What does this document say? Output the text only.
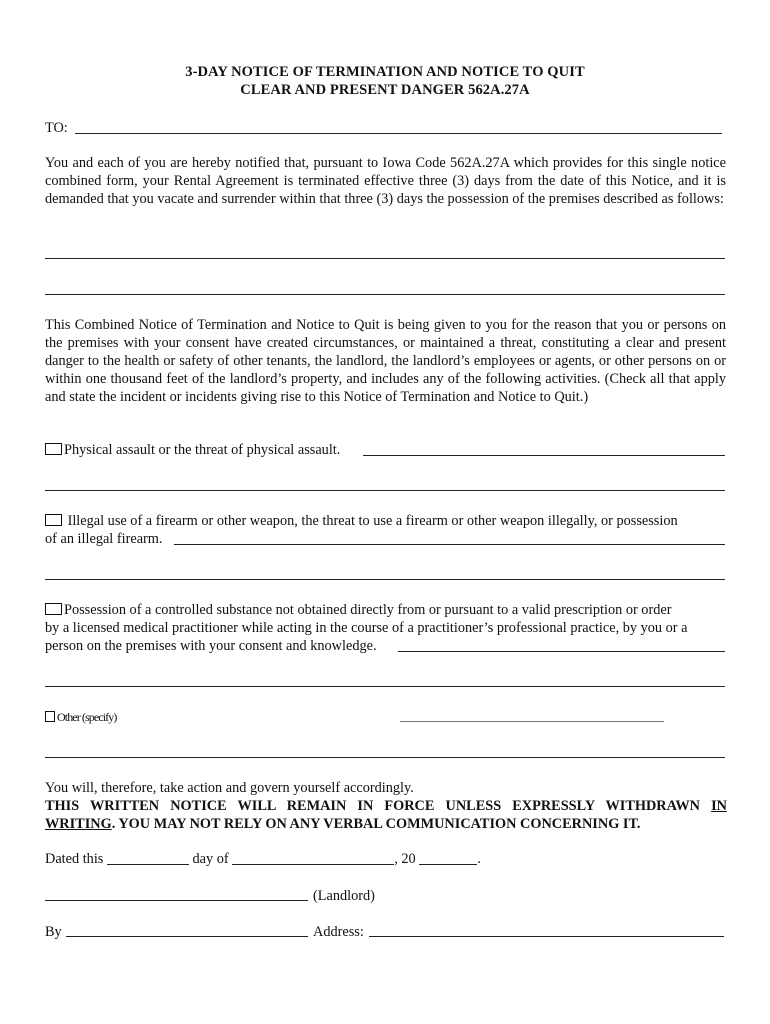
3-DAY NOTICE OF TERMINATION AND NOTICE TO QUIT
CLEAR AND PRESENT DANGER 562A.27A
TO:
You and each of you are hereby notified that, pursuant to Iowa Code 562A.27A which provides for this single notice combined form, your Rental Agreement is terminated effective three (3) days from the date of this Notice, and it is demanded that you vacate and surrender within that three (3) days the possession of the premises described as follows:
This Combined Notice of Termination and Notice to Quit is being given to you for the reason that you or persons on the premises with your consent have created circumstances, or maintained a threat, constituting a clear and present danger to the health or safety of other tenants, the landlord, the landlord’s employees or agents, or other persons on or within one thousand feet of the landlord’s property, and includes any of the following activities. (Check all that apply and state the incident or incidents giving rise to this Notice of Termination and Notice to Quit.)
Physical assault or the threat of physical assault.
Illegal use of a firearm or other weapon, the threat to use a firearm or other weapon illegally, or possession
of an illegal firearm.
Possession of a controlled substance not obtained directly from or pursuant to a valid prescription or order
by a licensed medical practitioner while acting in the course of a practitioner’s professional practice, by you or a
person on the premises with your consent and knowledge.
Other (specify)	____________________________________________
You will, therefore, take action and govern yourself accordingly.
THIS WRITTEN NOTICE WILL REMAIN IN FORCE UNLESS EXPRESSLY WITHDRAWN IN
WRITING. YOU MAY NOT RELY ON ANY VERBAL COMMUNICATION CONCERNING IT.
Dated this	day of	, 20	.
(Landlord)
By	Address:
